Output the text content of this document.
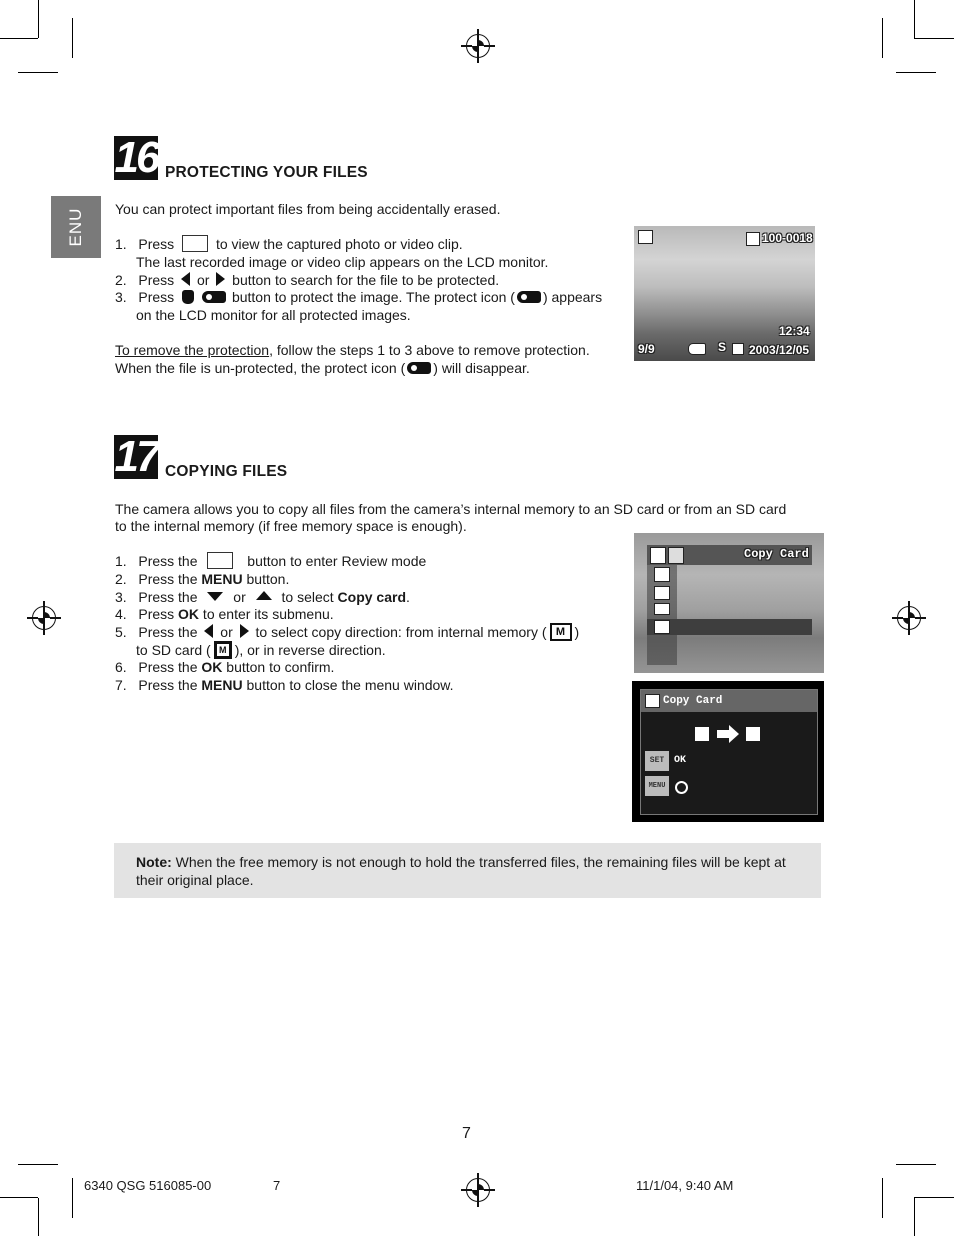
ENU
16 PROTECTING YOUR FILES
You can protect important files from being accidentally erased.
1. Press	to view the captured photo or video clip.
The last recorded image or video clip appears on the LCD monitor.
2. Press or button to search for the file to be protected.
3. Press	button to protect the image. The protect icon ( ) appears
on the LCD monitor for all protected images.
To remove the protection, follow the steps 1 to 3 above to remove protection.
When the file is un-protected, the protect icon ( ) will disappear.
100-0018
12:34
9/9	S 2003/12/05
17 COPYING FILES
The camera allows you to copy all files from the camera’s internal memory to an SD card or from an SD card
to the internal memory (if free memory space is enough).
1. Press the	button to enter Review mode
2. Press the MENU button.
3. Press the	or	to select Copy card.
4. Press OK to enter its submenu.
5. Press the or to select copy direction: from internal memory ( M )
to SD card ( M ), or in reverse direction.
6. Press the OK button to confirm.
7. Press the MENU button to close the menu window.
Copy Card
Copy Card
SET OK
MENU
Note: When the free memory is not enough to hold the transferred files, the remaining files will be kept at
their original place.
7
6340 QSG 516085-00	7	11/1/04, 9:40 AM
